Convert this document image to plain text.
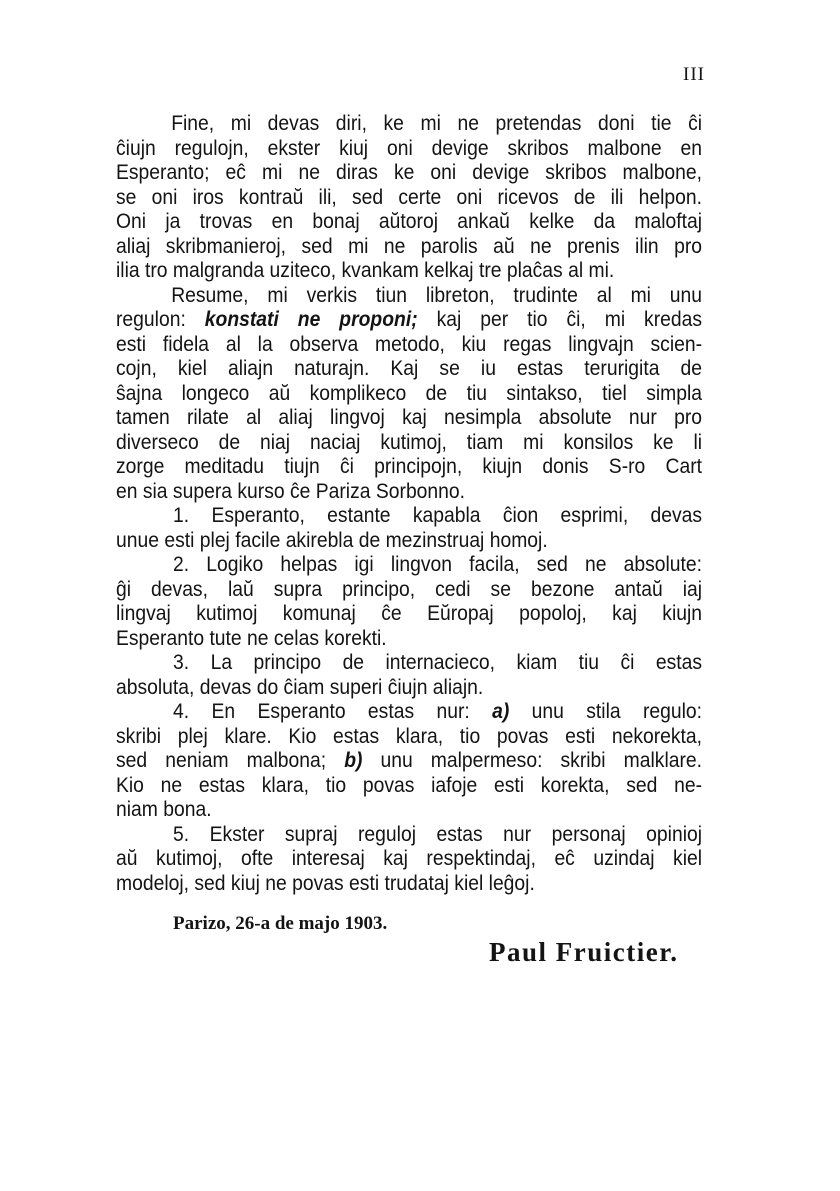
III
Fine, mi devas diri, ke mi ne pretendas doni tie ĉi
ĉiujn regulojn, ekster kiuj oni devige skribos malbone en
Esperanto; eĉ mi ne diras ke oni devige skribos malbone,
se oni iros kontraŭ ili, sed certe oni ricevos de ili helpon.
Oni ja trovas en bonaj aŭtoroj ankaŭ kelke da maloftaj
aliaj skribmanieroj, sed mi ne parolis aŭ ne prenis ilin pro
ilia tro malgranda uziteco, kvankam kelkaj tre plaĉas al mi.
Resume, mi verkis tiun libreton, trudinte al mi unu
regulon: konstati ne proponi; kaj per tio ĉi, mi kredas
esti fidela al la observa metodo, kiu regas lingvajn scien-
cojn, kiel aliajn naturajn. Kaj se iu estas terurigita de
ŝajna longeco aŭ komplikeco de tiu sintakso, tiel simpla
tamen rilate al aliaj lingvoj kaj nesimpla absolute nur pro
diverseco de niaj naciaj kutimoj, tiam mi konsilos ke li
zorge meditadu tiujn ĉi principojn, kiujn donis S-ro Cart
en sia supera kurso ĉe Pariza Sorbonno.
1. Esperanto, estante kapabla ĉion esprimi, devas
unue esti plej facile akirebla de mezinstruaj homoj.
2. Logiko helpas igi lingvon facila, sed ne absolute:
ĝi devas, laŭ supra principo, cedi se bezone antaŭ iaj
lingvaj kutimoj komunaj ĉe Eŭropaj popoloj, kaj kiujn
Esperanto tute ne celas korekti.
3. La principo de internacieco, kiam tiu ĉi estas
absoluta, devas do ĉiam superi ĉiujn aliajn.
4. En Esperanto estas nur: a) unu stila regulo:
skribi plej klare. Kio estas klara, tio povas esti nekorekta,
sed neniam malbona; b) unu malpermeso: skribi malklare.
Kio ne estas klara, tio povas iafoje esti korekta, sed ne-
niam bona.
5. Ekster supraj reguloj estas nur personaj opinioj
aŭ kutimoj, ofte interesaj kaj respektindaj, eĉ uzindaj kiel
modeloj, sed kiuj ne povas esti trudataj kiel leĝoj.
Parizo, 26-a de majo 1903.
Paul Fruictier.
